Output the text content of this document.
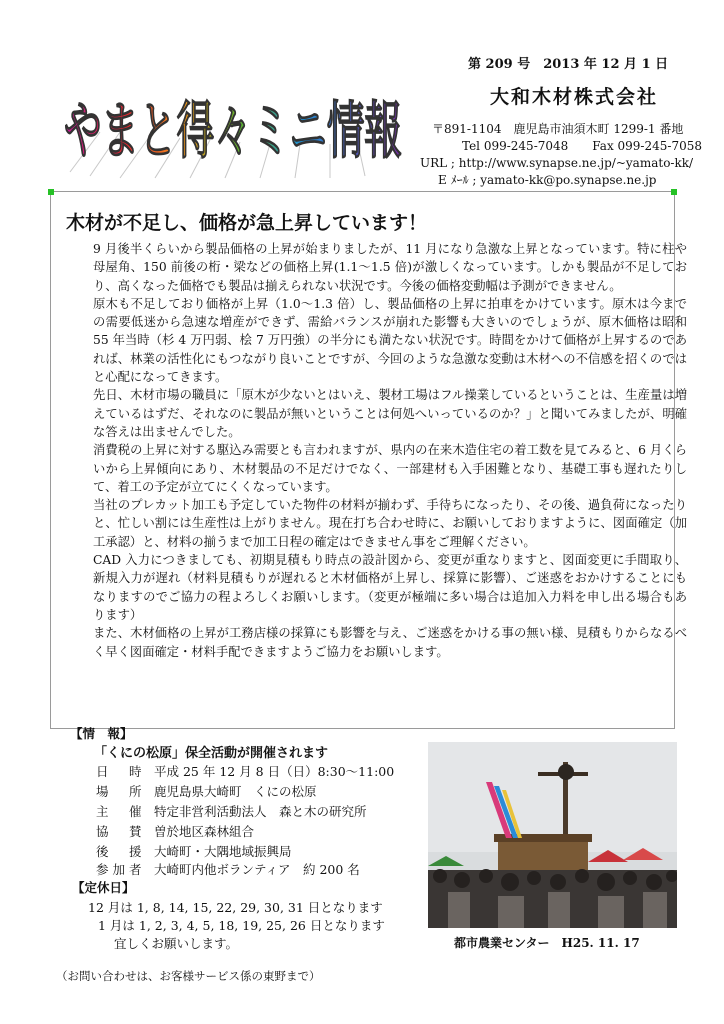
やまと得々ミニ情報
第 209 号　2013 年 12 月 1 日
大和木材株式会社
〒891-1104　鹿児島市油須木町 1299-1 番地
Tel 099-245-7048　　Fax 099-245-7058
URL ; http://www.synapse.ne.jp/~yamato-kk/
E ﾒｰﾙ ; yamato-kk@po.synapse.ne.jp
木材が不足し、価格が急上昇しています！

9 月後半くらいから製品価格の上昇が始まりましたが、11 月になり急激な上昇となっています。特に柱や母屋角、150 前後の桁・梁などの価格上昇(1.1～1.5 倍)が激しくなっています。しかも製品が不足しており、高くなった価格でも製品は揃えられない状況です。今後の価格変動幅は予測ができません。

原木も不足しており価格が上昇（1.0～1.3 倍）し、製品価格の上昇に拍車をかけています。原木は今までの需要低迷から急速な増産ができず、需給バランスが崩れた影響も大きいのでしょうが、原木価格は昭和 55 年当時（杉 4 万円弱、桧 7 万円強）の半分にも満たない状況です。時間をかけて価格が上昇するのであれば、林業の活性化にもつながり良いことですが、今回のような急激な変動は木材への不信感を招くのではと心配になってきます。

先日、木材市場の職員に「原木が少ないとはいえ、製材工場はフル操業しているということは、生産量は増えているはずだ、それなのに製品が無いということは何処へいっているのか？」と聞いてみましたが、明確な答えは出ませんでした。

消費税の上昇に対する駆込み需要とも言われますが、県内の在来木造住宅の着工数を見てみると、6 月くらいから上昇傾向にあり、木材製品の不足だけでなく、一部建材も入手困難となり、基礎工事も遅れたりして、着工の予定が立てにくくなっています。

当社のプレカット加工も予定していた物件の材料が揃わず、手待ちになったり、その後、過負荷になったりと、忙しい割には生産性は上がりません。現在打ち合わせ時に、お願いしておりますように、図面確定（加工承認）と、材料の揃うまで加工日程の確定はできません事をご理解ください。

CAD 入力につきましても、初期見積もり時点の設計図から、変更が重なりますと、図面変更に手間取り、新規入力が遅れ（材料見積もりが遅れると木材価格が上昇し、採算に影響）、ご迷惑をおかけすることにもなりますのでご協力の程よろしくお願いします。（変更が極端に多い場合は追加入力料を申し出る場合もあります）

また、木材価格の上昇が工務店様の採算にも影響を与え、ご迷惑をかける事の無い様、見積もりからなるべく早く図面確定・材料手配できますようご協力をお願いします。

【情　報】
「くにの松原」保全活動が開催されます
日　時 平成 25 年 12 月 8 日（日）8:30～11:00
場　所 鹿児島県大崎町　くにの松原
主　催 特定非営利活動法人　森と木の研究所
協　賛 曽於地区森林組合
後　援 大崎町・大隅地域振興局
参加者 大崎町内他ボランティア　約 200 名
【定休日】
12 月は 1, 8, 14, 15, 22, 29, 30, 31 日となります
1 月は 1, 2, 3, 4, 5, 18, 19, 25, 26 日となります
宜しくお願いします。	都市農業センター　H25. 11. 17
（お問い合わせは、お客様サービス係の東野まで）
